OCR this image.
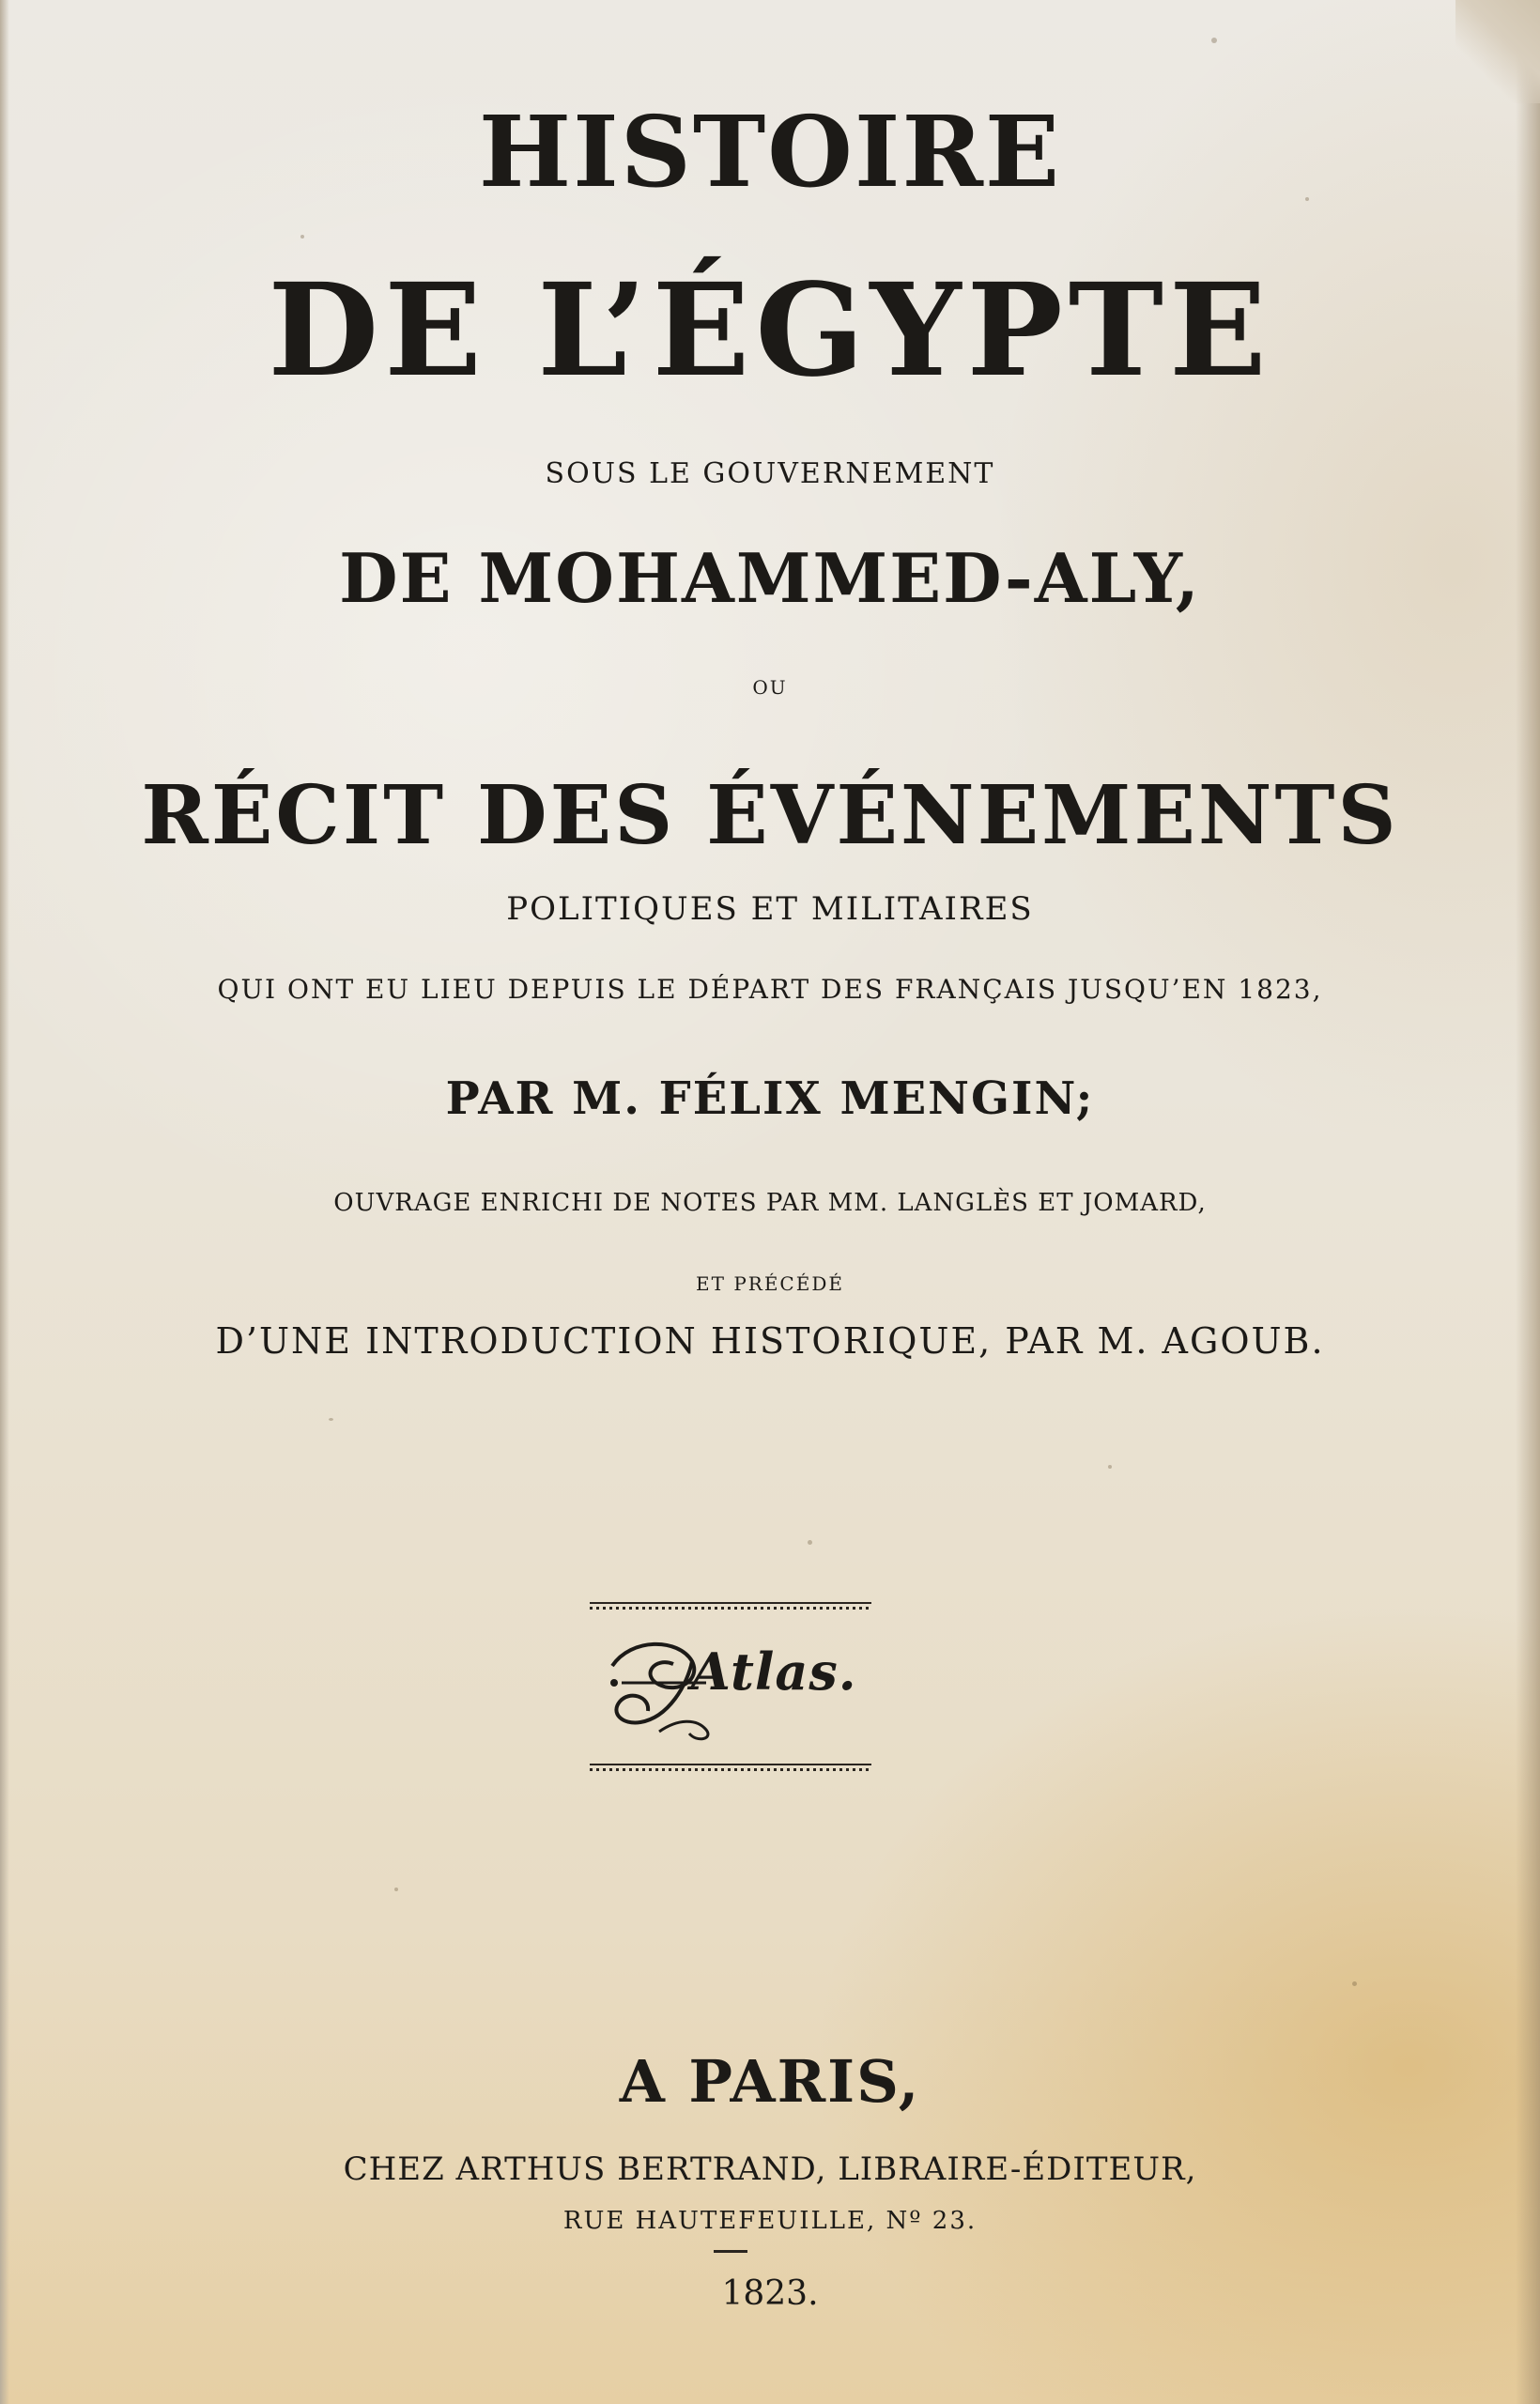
HISTOIRE

DE L’ÉGYPTE

SOUS LE GOUVERNEMENT

DE MOHAMMED-ALY,

OU

RÉCIT DES ÉVÉNEMENTS

POLITIQUES ET MILITAIRES

QUI ONT EU LIEU DEPUIS LE DÉPART DES FRANÇAIS JUSQU’EN 1823,

PAR M. FÉLIX MENGIN;

OUVRAGE ENRICHI DE NOTES PAR MM. LANGLÈS ET JOMARD,

ET PRÉCÉDÉ

D’UNE INTRODUCTION HISTORIQUE, PAR M. AGOUB.

Atlas.

A PARIS,

CHEZ ARTHUS BERTRAND, LIBRAIRE-ÉDITEUR,

RUE HAUTEFEUILLE, Nº 23.

1823.
